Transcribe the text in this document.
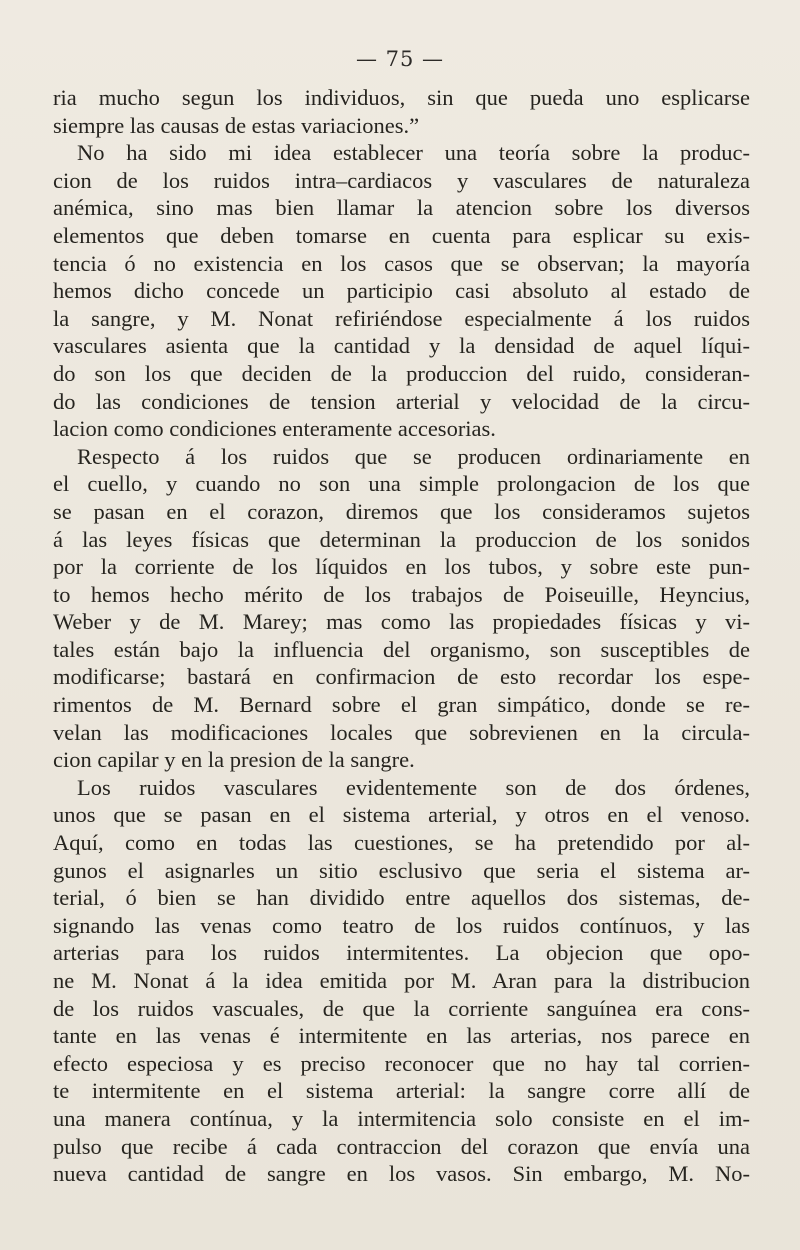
— 75 —
ria mucho segun los individuos, sin que pueda uno esplicarse
siempre las causas de estas variaciones.”
No ha sido mi idea establecer una teoría sobre la produc-
cion de los ruidos intra–cardiacos y vasculares de naturaleza
anémica, sino mas bien llamar la atencion sobre los diversos
elementos que deben tomarse en cuenta para esplicar su exis-
tencia ó no existencia en los casos que se observan; la mayoría
hemos dicho concede un participio casi absoluto al estado de
la sangre, y M. Nonat refiriéndose especialmente á los ruidos
vasculares asienta que la cantidad y la densidad de aquel líqui-
do son los que deciden de la produccion del ruido, consideran-
do las condiciones de tension arterial y velocidad de la circu-
lacion como condiciones enteramente accesorias.
Respecto á los ruidos que se producen ordinariamente en
el cuello, y cuando no son una simple prolongacion de los que
se pasan en el corazon, diremos que los consideramos sujetos
á las leyes físicas que determinan la produccion de los sonidos
por la corriente de los líquidos en los tubos, y sobre este pun-
to hemos hecho mérito de los trabajos de Poiseuille, Heyncius,
Weber y de M. Marey; mas como las propiedades físicas y vi-
tales están bajo la influencia del organismo, son susceptibles de
modificarse; bastará en confirmacion de esto recordar los espe-
rimentos de M. Bernard sobre el gran simpático, donde se re-
velan las modificaciones locales que sobrevienen en la circula-
cion capilar y en la presion de la sangre.
Los ruidos vasculares evidentemente son de dos órdenes,
unos que se pasan en el sistema arterial, y otros en el venoso.
Aquí, como en todas las cuestiones, se ha pretendido por al-
gunos el asignarles un sitio esclusivo que seria el sistema ar-
terial, ó bien se han dividido entre aquellos dos sistemas, de-
signando las venas como teatro de los ruidos contínuos, y las
arterias para los ruidos intermitentes. La objecion que opo-
ne M. Nonat á la idea emitida por M. Aran para la distribucion
de los ruidos vascuales, de que la corriente sanguínea era cons-
tante en las venas é intermitente en las arterias, nos parece en
efecto especiosa y es preciso reconocer que no hay tal corrien-
te intermitente en el sistema arterial: la sangre corre allí de
una manera contínua, y la intermitencia solo consiste en el im-
pulso que recibe á cada contraccion del corazon que envía una
nueva cantidad de sangre en los vasos. Sin embargo, M. No-
